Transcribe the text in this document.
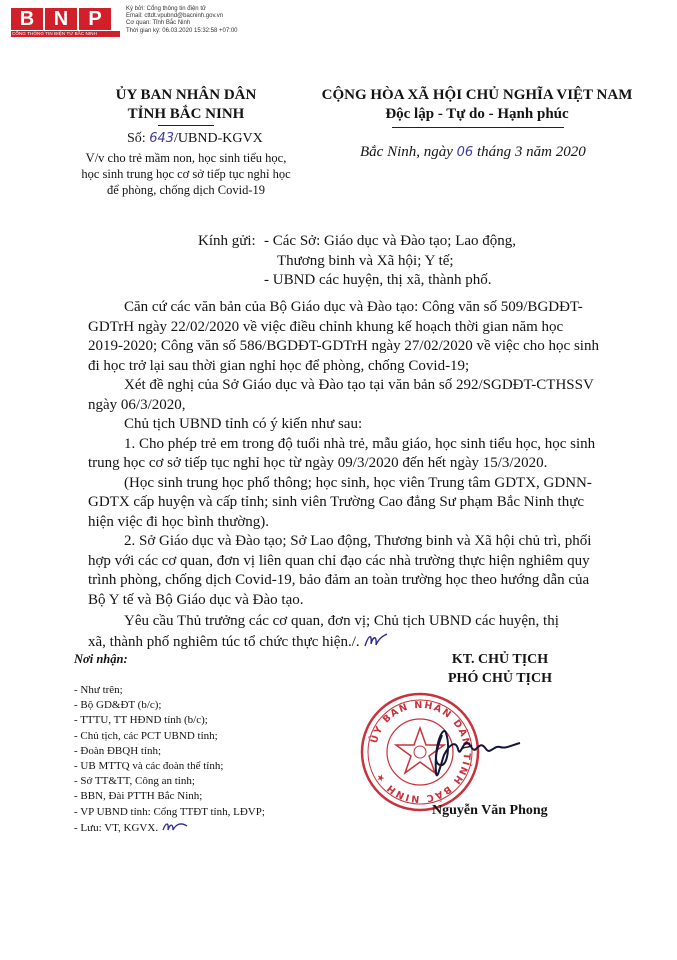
B N	P
CỔNG THÔNG TIN ĐIỆN TỬ BẮC NINH
Ký bởi: Cổng thông tin điện tử
Email: cttdt.vpubnd@bacninh.gov.vn
Cơ quan: Tỉnh Bắc Ninh
Thời gian ký: 06.03.2020 15:32:58 +07:00
ỦY BAN NHÂN DÂN
TỈNH BẮC NINH
Số: 643/UBND-KGVX
V/v cho trẻ mầm non, học sinh tiểu học,
học sinh trung học cơ sở tiếp tục nghỉ học
để phòng, chống dịch Covid-19
CỘNG HÒA XÃ HỘI CHỦ NGHĨA VIỆT NAM
Độc lập - Tự do - Hạnh phúc
Bắc Ninh, ngày 06 tháng 3 năm 2020
Kính gửi: - Các Sở: Giáo dục và Đào tạo; Lao động,
Thương binh và Xã hội; Y tế;
- UBND các huyện, thị xã, thành phố.
Căn cứ các văn bản của Bộ Giáo dục và Đào tạo: Công văn số 509/BGDĐT-
GDTrH ngày 22/02/2020 về việc điều chỉnh khung kế hoạch thời gian năm học
2019-2020; Công văn số 586/BGDĐT-GDTrH ngày 27/02/2020 về việc cho học sinh
đi học trở lại sau thời gian nghỉ học để phòng, chống Covid-19;
Xét đề nghị của Sở Giáo dục và Đào tạo tại văn bản số 292/SGDĐT-CTHSSV
ngày 06/3/2020,
Chủ tịch UBND tỉnh có ý kiến như sau:
1. Cho phép trẻ em trong độ tuổi nhà trẻ, mẫu giáo, học sinh tiểu học, học sinh
trung học cơ sở tiếp tục nghỉ học từ ngày 09/3/2020 đến hết ngày 15/3/2020.
(Học sinh trung học phổ thông; học sinh, học viên Trung tâm GDTX, GDNN-
GDTX cấp huyện và cấp tỉnh; sinh viên Trường Cao đẳng Sư phạm Bắc Ninh thực
hiện việc đi học bình thường).
2. Sở Giáo dục và Đào tạo; Sở Lao động, Thương binh và Xã hội chủ trì, phối
hợp với các cơ quan, đơn vị liên quan chỉ đạo các nhà trường thực hiện nghiêm quy
trình phòng, chống dịch Covid-19, bảo đảm an toàn trường học theo hướng dẫn của
Bộ Y tế và Bộ Giáo dục và Đào tạo.
Yêu cầu Thủ trưởng các cơ quan, đơn vị; Chủ tịch UBND các huyện, thị
xã, thành phố nghiêm túc tổ chức thực hiện./.
Nơi nhận:
- Như trên;
- Bộ GD&ĐT (b/c);
- TTTU, TT HĐND tỉnh (b/c);
- Chủ tịch, các PCT UBND tỉnh;
- Đoàn ĐBQH tỉnh;
- UB MTTQ và các đoàn thể tỉnh;
- Sở TT&TT, Công an tỉnh;
- BBN, Đài PTTH Bắc Ninh;
- VP UBND tỉnh: Cổng TTĐT tỉnh, LĐVP;
- Lưu: VT, KGVX.
KT. CHỦ TỊCH
PHÓ CHỦ TỊCH
ỦY BAN NHÂN DÂN TỈNH BẮC NINH ★
Nguyễn Văn Phong
